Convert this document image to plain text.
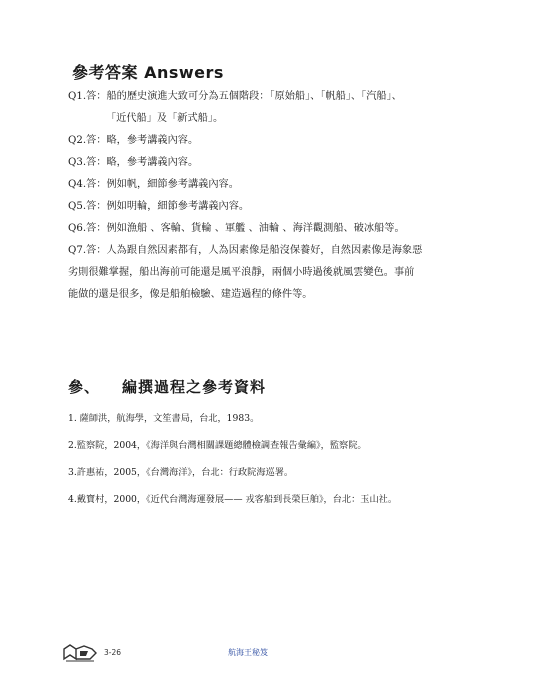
參考答案 Answers
Q1.答：船的歷史演進大致可分為五個階段：「原始船」、「帆船」、「汽船」、
「近代船」及「新式船」。
Q2.答：略，參考講義內容。
Q3.答：略，參考講義內容。
Q4.答：例如帆，細節參考講義內容。
Q5.答：例如明輪，細節參考講義內容。
Q6.答：例如漁船 、客輪、貨輪 、軍艦 、油輪 、海洋觀測船、破冰船等。
Q7.答：人為跟自然因素都有，人為因素像是船沒保養好，自然因素像是海象惡
劣則很難掌握，船出海前可能還是風平浪靜，兩個小時過後就風雲變色。事前
能做的還是很多，像是船舶檢驗、建造過程的條件等。
參、 編撰過程之參考資料
1. 薩師洪，航海學，文笙書局，台北，1983。
2.監察院，2004，《海洋與台灣相關課題總體檢調查報告彙編》，監察院。
3.許惠祐，2005，《台灣海洋》，台北：行政院海巡署。
4.戴寶村，2000，《近代台灣海運發展—— 戎客船到長榮巨舶》，台北：玉山社。
3-26	航海王秘笈
